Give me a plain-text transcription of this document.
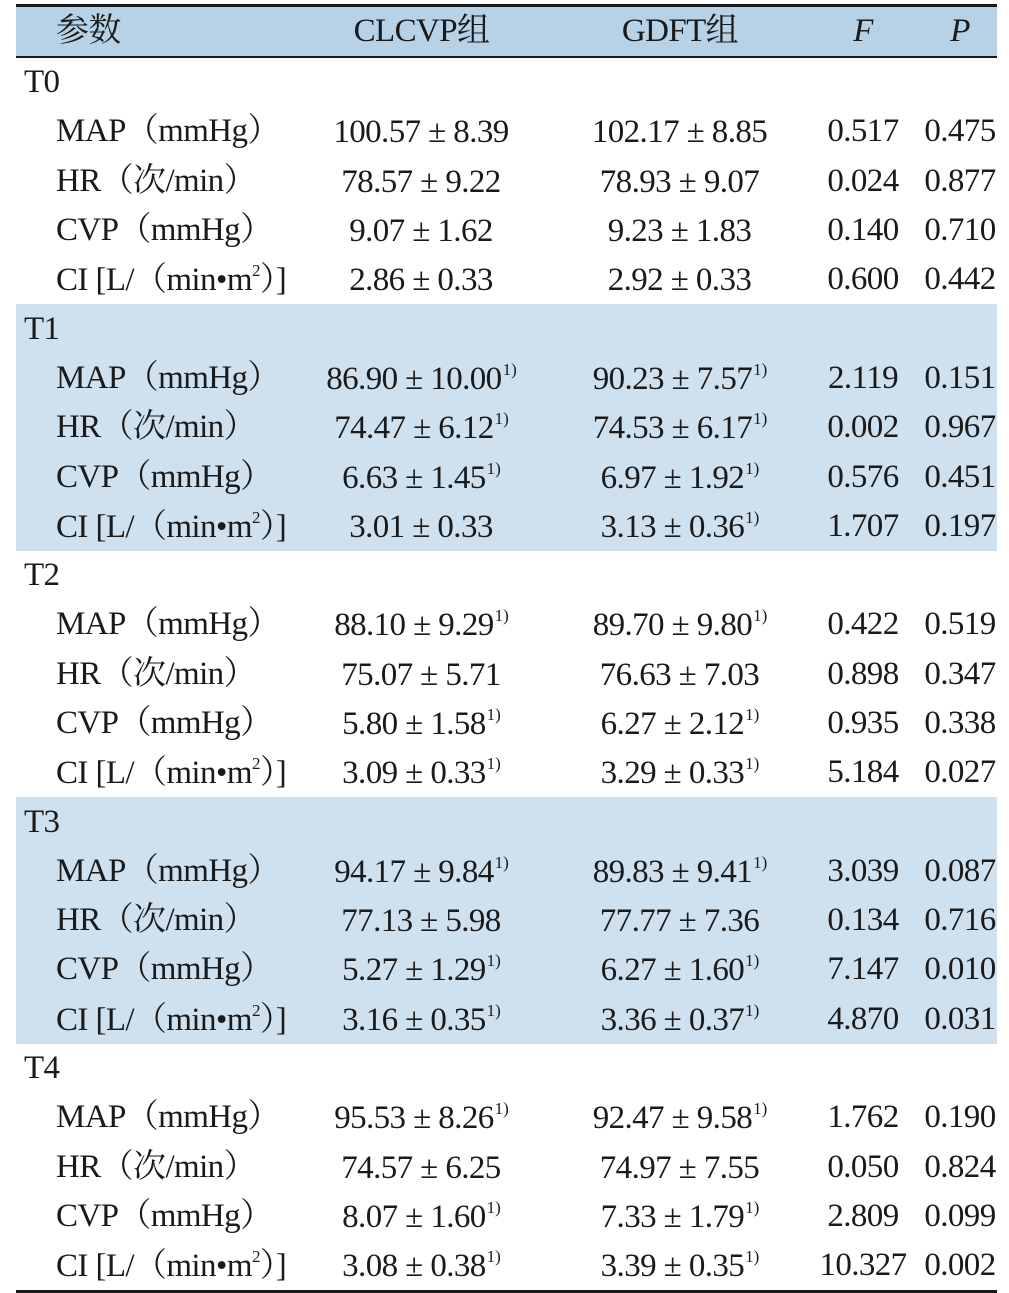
参数	CLCVP组	GDFT组	F	P
T0
MAP（mmHg）	100.57 ± 8.39	102.17 ± 8.85	0.517 0.475
HR（次/min）	78.57 ± 9.22	78.93 ± 9.07	0.024 0.877
CVP（mmHg）	9.07 ± 1.62	9.23 ± 1.83	0.140 0.710
CI $[L/(\min•m^2)]$	2.86 ± 0.33	2.92 ± 0.33	0.600 0.442
T1
MAP（mmHg）	$86.90 \pm 10.00^{1)}$	$90.23 \pm 7.57^{1)}$	2.119 0.151
HR（次/min）	$74.47 \pm 6.12^{1)}$	$74.53 \pm 6.17^{1)}$	0.002 0.967
CVP（mmHg）	$6.63 \pm 1.45^{1)}$	$6.97 \pm 1.92^{1)}$	0.576 0.451
CI $[L/(\min•m^2)]$	3.01 ± 0.33	$3.13 \pm 0.36^{1)}$	1.707 0.197
T2
MAP（mmHg）	$88.10 \pm 9.29^{1)}$	$89.70 \pm 9.80^{1)}$	0.422 0.519
HR（次/min）	75.07 ± 5.71	76.63 ± 7.03	0.898 0.347
CVP（mmHg）	$5.80 \pm 1.58^{1)}$	$6.27 \pm 2.12^{1)}$	0.935 0.338
CI $[L/(\min•m^2)]$	$3.09 \pm 0.33^{1)}$	$3.29 \pm 0.33^{1)}$	5.184 0.027
T3
MAP（mmHg）	$94.17 \pm 9.84^{1)}$	$89.83 \pm 9.41^{1)}$	3.039 0.087
HR（次/min）	77.13 ± 5.98	77.77 ± 7.36	0.134 0.716
CVP（mmHg）	$5.27 \pm 1.29^{1)}$	$6.27 \pm 1.60^{1)}$	7.147 0.010
CI $[L/(\min•m^2)]$	$3.16 \pm 0.35^{1)}$	$3.36 \pm 0.37^{1)}$	4.870 0.031
T4
MAP（mmHg）	$95.53 \pm 8.26^{1)}$	$92.47 \pm 9.58^{1)}$	1.762 0.190
HR（次/min）	74.57 ± 6.25	74.97 ± 7.55	0.050 0.824
CVP（mmHg）	$8.07 \pm 1.60^{1)}$	$7.33 \pm 1.79^{1)}$	2.809 0.099
CI $[L/(\min•m^2)]$	$3.08 \pm 0.38^{1)}$	$3.39 \pm 0.35^{1)}$	10.327 0.002
